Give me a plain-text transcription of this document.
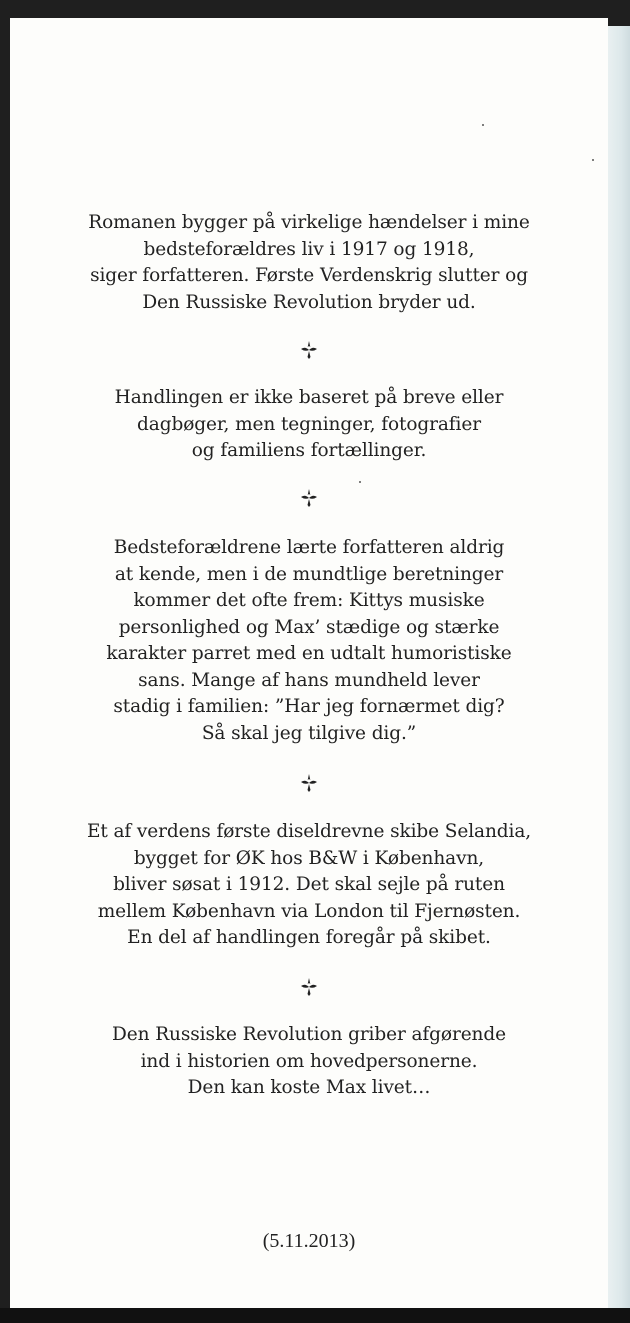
Romanen bygger på virkelige hændelser i mine
bedsteforældres liv i 1917 og 1918,
siger forfatteren. Første Verdenskrig slutter og
Den Russiske Revolution bryder ud.
Handlingen er ikke baseret på breve eller
dagbøger, men tegninger, fotografier
og familiens fortællinger.
Bedsteforældrene lærte forfatteren aldrig
at kende, men i de mundtlige beretninger
kommer det ofte frem: Kittys musiske
personlighed og Max’ stædige og stærke
karakter parret med en udtalt humoristiske
sans. Mange af hans mundheld lever
stadig i familien: ”Har jeg fornærmet dig?
Så skal jeg tilgive dig.”
Et af verdens første diseldrevne skibe Selandia,
bygget for ØK hos B&W i København,
bliver søsat i 1912. Det skal sejle på ruten
mellem København via London til Fjernøsten.
En del af handlingen foregår på skibet.
Den Russiske Revolution griber afgørende
ind i historien om hovedpersonerne.
Den kan koste Max livet…
(5.11.2013)
